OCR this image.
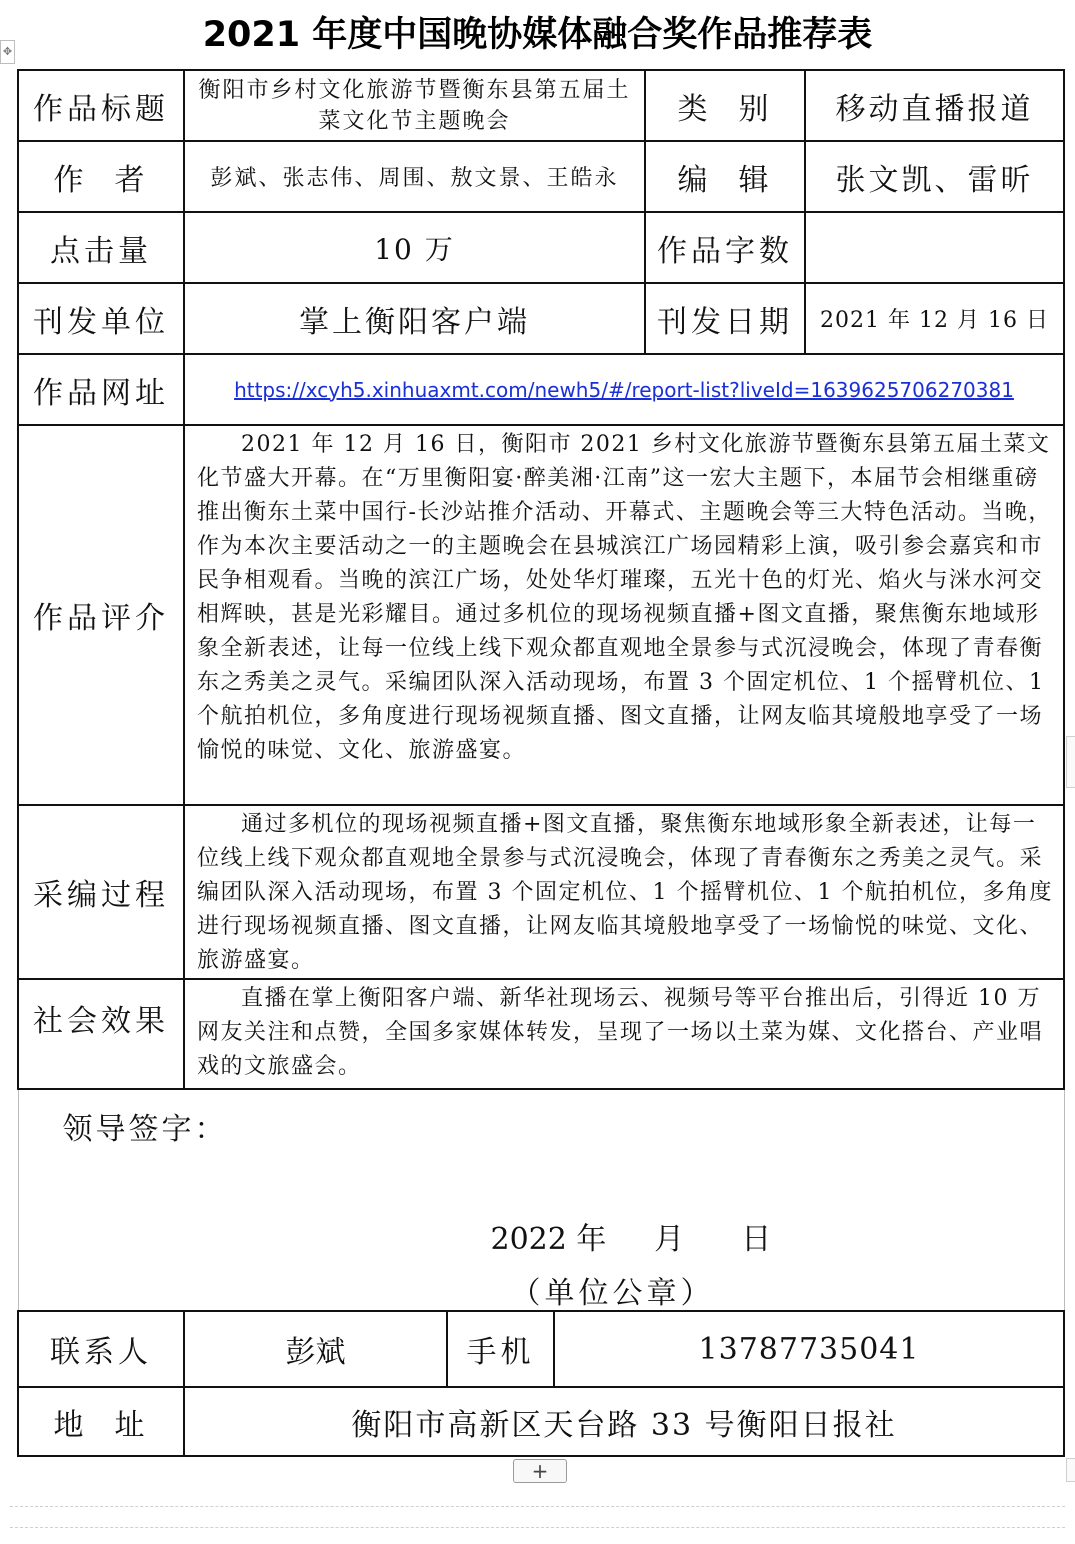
✥	2021 年度中国晚协媒体融合奖作品推荐表
作品标题	衡阳市乡村文化旅游节暨衡东县第五届土菜文化节主题晚会	类  别	移动直播报道
作  者	彭斌、张志伟、周围、敖文景、王皓永	编  辑	张文凯、雷昕
点击量	10 万	作品字数	
刊发单位	掌上衡阳客户端	刊发日期	2021 年 12 月 16 日
作品网址	https://xcyh5.xinhuaxmt.com/newh5/#/report-list?liveId=1639625706270381		
作品评介	2021 年 12 月 16 日，衡阳市 2021 乡村文化旅游节暨衡东县第五届土菜文化节盛大开幕。在“万里衡阳宴·醉美湘·江南”这一宏大主题下，本届节会相继重磅推出衡东土菜中国行-长沙站推介活动、开幕式、主题晚会等三大特色活动。当晚，作为本次主要活动之一的主题晚会在县城滨江广场园精彩上演，吸引参会嘉宾和市民争相观看。当晚的滨江广场，处处华灯璀璨，五光十色的灯光、焰火与洣水河交相辉映，甚是光彩耀目。通过多机位的现场视频直播+图文直播，聚焦衡东地域形象全新表述，让每一位线上线下观众都直观地全景参与式沉浸晚会，体现了青春衡东之秀美之灵气。采编团队深入活动现场，布置 3 个固定机位、1 个摇臂机位、1 个航拍机位，多角度进行现场视频直播、图文直播，让网友临其境般地享受了一场愉悦的味觉、文化、旅游盛宴。		
采编过程	通过多机位的现场视频直播+图文直播，聚焦衡东地域形象全新表述，让每一位线上线下观众都直观地全景参与式沉浸晚会，体现了青春衡东之秀美之灵气。采编团队深入活动现场，布置 3 个固定机位、1 个摇臂机位、1 个航拍机位，多角度进行现场视频直播、图文直播，让网友临其境般地享受了一场愉悦的味觉、文化、旅游盛宴。		
社会效果	直播在掌上衡阳客户端、新华社现场云、视频号等平台推出后，引得近 10 万网友关注和点赞，全国多家媒体转发，呈现了一场以土菜为媒、文化搭台、产业唱戏的文旅盛会。		

领导签字：
2022 年     月      日
（单位公章）			
联系人	彭斌	手机	13787735041
地  址	衡阳市高新区天台路 33 号衡阳日报社		
+
